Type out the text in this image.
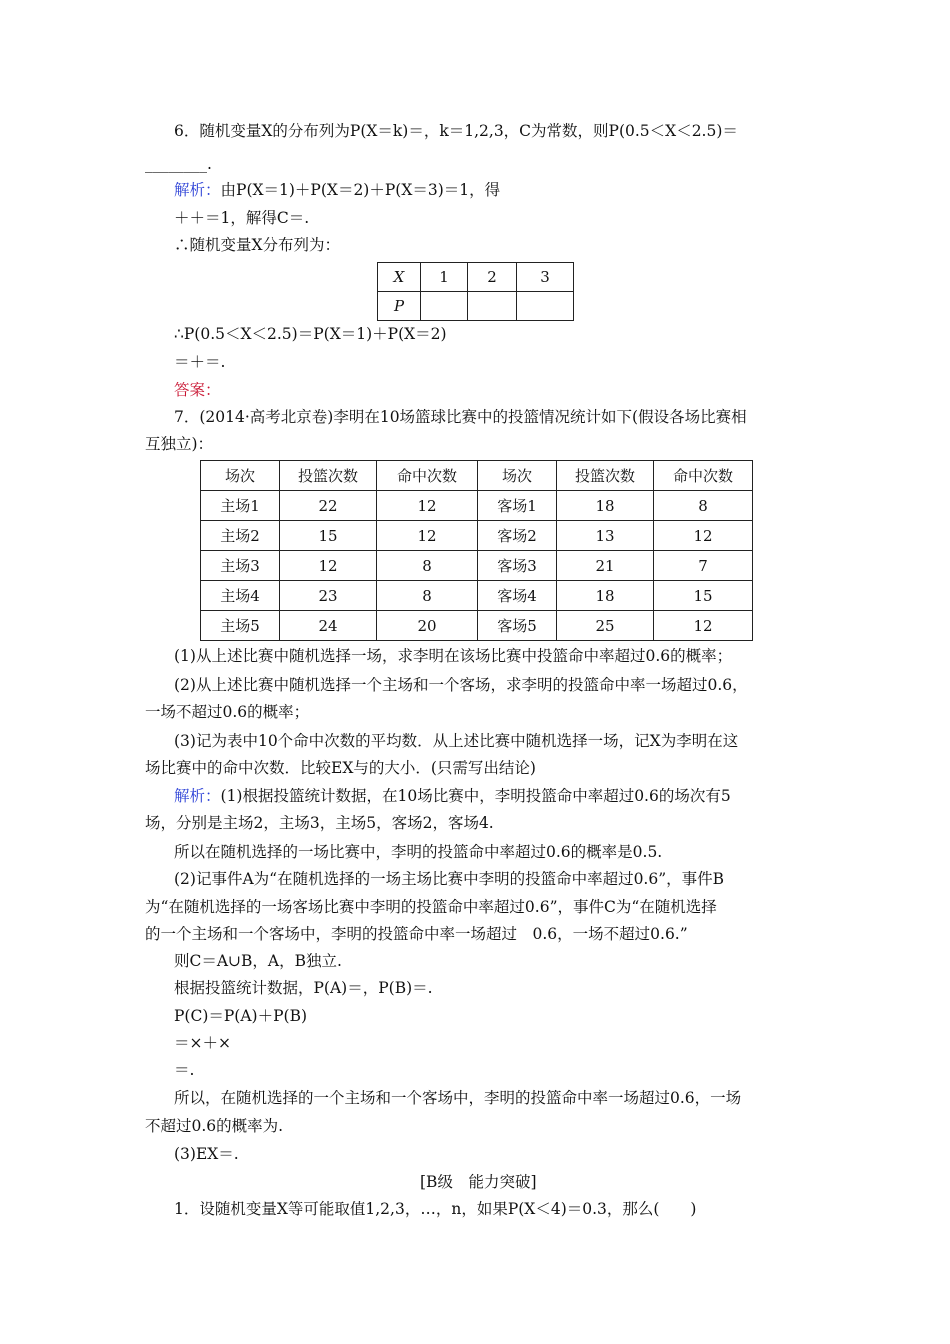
6．随机变量X的分布列为P(X＝k)＝，k＝1,2,3，C为常数，则P(0.5＜X＜2.5)＝
________.
解析：由P(X＝1)＋P(X＝2)＋P(X＝3)＝1，得
＋＋＝1，解得C＝.
∴随机变量X分布列为：
X	1	2	3
P			
∴P(0.5＜X＜2.5)＝P(X＝1)＋P(X＝2)
＝＋＝.
答案：
7．(2014·高考北京卷)李明在10场篮球比赛中的投篮情况统计如下(假设各场比赛相
互独立)：
场次	投篮次数	命中次数	场次	投篮次数	命中次数
主场1	22	12	客场1	18	8
主场2	15	12	客场2	13	12
主场3	12	8	客场3	21	7
主场4	23	8	客场4	18	15
主场5	24	20	客场5	25	12
(1)从上述比赛中随机选择一场，求李明在该场比赛中投篮命中率超过0.6的概率；
(2)从上述比赛中随机选择一个主场和一个客场，求李明的投篮命中率一场超过0.6，
一场不超过0.6的概率；
(3)记为表中10个命中次数的平均数．从上述比赛中随机选择一场，记X为李明在这
场比赛中的命中次数．比较EX与的大小．(只需写出结论)
解析：(1)根据投篮统计数据，在10场比赛中，李明投篮命中率超过0.6的场次有5
场，分别是主场2，主场3，主场5，客场2，客场4.
所以在随机选择的一场比赛中，李明的投篮命中率超过0.6的概率是0.5.
(2)记事件A为“在随机选择的一场主场比赛中李明的投篮命中率超过0.6”，事件B
为“在随机选择的一场客场比赛中李明的投篮命中率超过0.6”，事件C为“在随机选择
的一个主场和一个客场中，李明的投篮命中率一场超过　0.6，一场不超过0.6.”
则C＝A∪B，A，B独立.
根据投篮统计数据，P(A)＝，P(B)＝.
P(C)＝P(A)＋P(B)
＝×＋×
＝.
所以，在随机选择的一个主场和一个客场中，李明的投篮命中率一场超过0.6，一场
不超过0.6的概率为.
(3)EX＝.
[B级　能力突破]
1．设随机变量X等可能取值1,2,3，…，n，如果P(X＜4)＝0.3，那么(　　)
